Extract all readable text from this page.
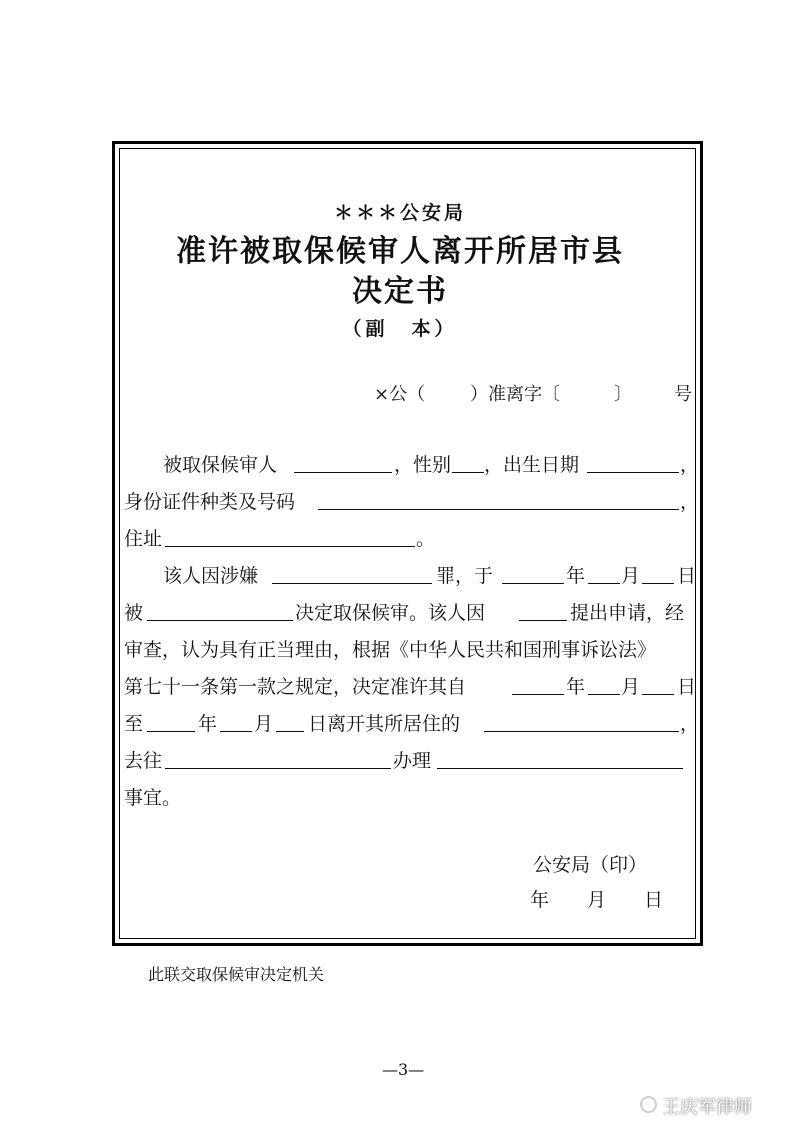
＊＊＊公安局
准许被取保候审人离开所居市县
决定书
（副　本）
×公（ ）准离字〔	〕 号
被取保候审人	，性别 ，出生日期	，
身份证件种类及号码	，
住址	。
该人因涉嫌	罪，于	年 月 日
被	决定取保候审。该人因	提出申请，经
审查，认为具有正当理由，根据《中华人民共和国刑事诉讼法》
第七十一条第一款之规定，决定准许其自	年 月 日
至	年 月 日离开其所居住的	，
去往	办理
事宜。
公安局（印）
年　　月　　日
此联交取保候审决定机关
—3—
王庆军律师
